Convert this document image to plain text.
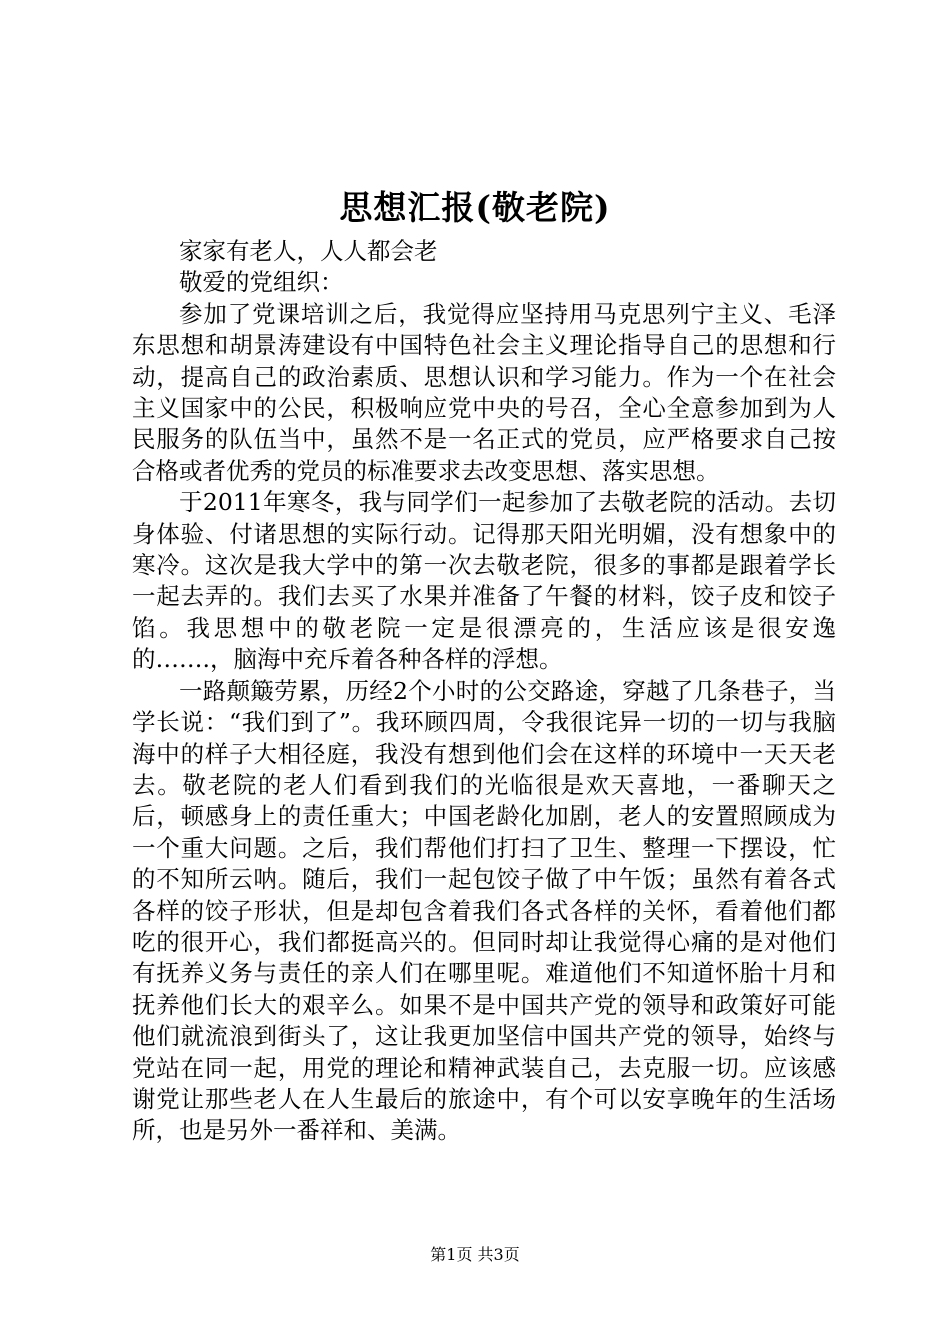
思想汇报(敬老院)

家家有老人，人人都会老

敬爱的党组织：

参加了党课培训之后，我觉得应坚持用马克思列宁主义、毛泽东思想和胡景涛建设有中国特色社会主义理论指导自己的思想和行动，提高自己的政治素质、思想认识和学习能力。作为一个在社会主义国家中的公民，积极响应党中央的号召，全心全意参加到为人民服务的队伍当中，虽然不是一名正式的党员，应严格要求自己按合格或者优秀的党员的标准要求去改变思想、落实思想。

于2011年寒冬，我与同学们一起参加了去敬老院的活动。去切身体验、付诸思想的实际行动。记得那天阳光明媚，没有想象中的寒冷。这次是我大学中的第一次去敬老院，很多的事都是跟着学长一起去弄的。我们去买了水果并准备了午餐的材料，饺子皮和饺子馅。我思想中的敬老院一定是很漂亮的，生活应该是很安逸的…….，脑海中充斥着各种各样的浮想。

一路颠簸劳累，历经2个小时的公交路途，穿越了几条巷子，当学长说：“我们到了”。我环顾四周，令我很诧异一切的一切与我脑海中的样子大相径庭，我没有想到他们会在这样的环境中一天天老去。敬老院的老人们看到我们的光临很是欢天喜地，一番聊天之后，顿感身上的责任重大；中国老龄化加剧，老人的安置照顾成为一个重大问题。之后，我们帮他们打扫了卫生、整理一下摆设，忙的不知所云呐。随后，我们一起包饺子做了中午饭；虽然有着各式各样的饺子形状，但是却包含着我们各式各样的关怀，看着他们都吃的很开心，我们都挺高兴的。但同时却让我觉得心痛的是对他们有抚养义务与责任的亲人们在哪里呢。难道他们不知道怀胎十月和抚养他们长大的艰辛么。如果不是中国共产党的领导和政策好可能他们就流浪到街头了，这让我更加坚信中国共产党的领导，始终与党站在同一起，用党的理论和精神武装自己，去克服一切。应该感谢党让那些老人在人生最后的旅途中，有个可以安享晚年的生活场所，也是另外一番祥和、美满。

第1页 共3页
